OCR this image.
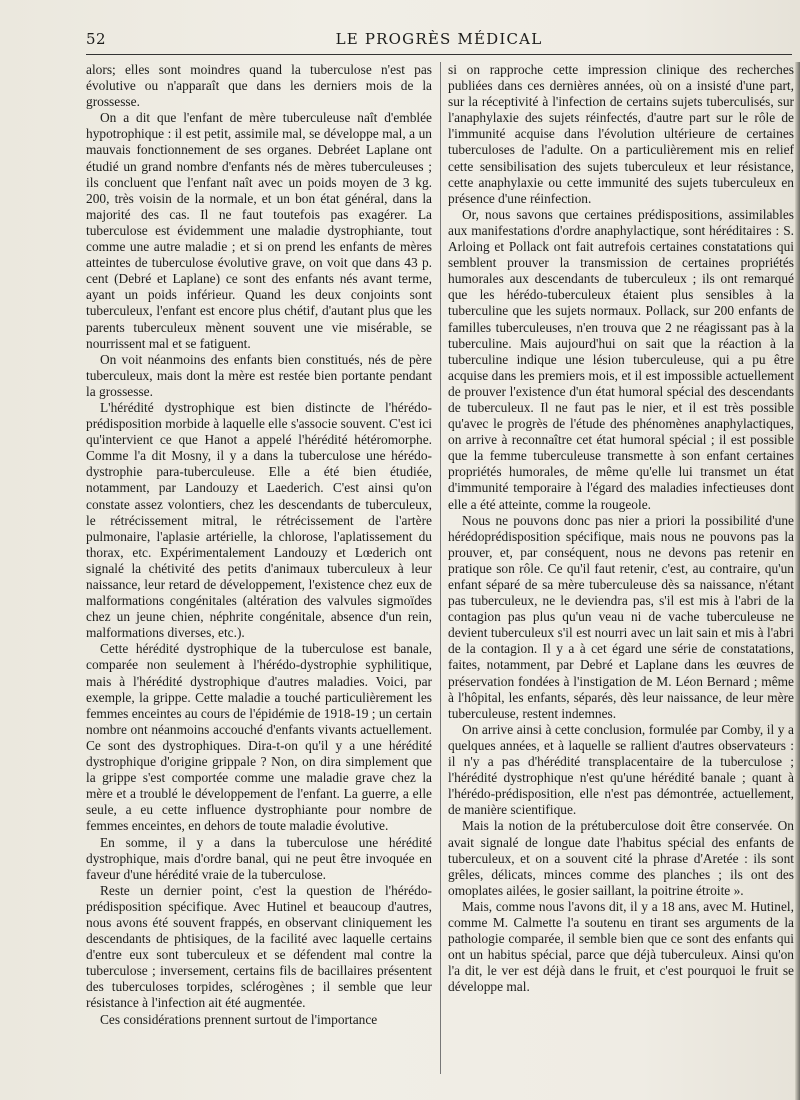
52	LE PROGRÈS MÉDICAL

alors; elles sont moindres quand la tuberculose n'est pas évolutive ou n'apparaît que dans les derniers mois de la grossesse.

On a dit que l'enfant de mère tuberculeuse naît d'emblée hypotrophique : il est petit, assimile mal, se développe mal, a un mauvais fonctionnement de ses organes. Debréet Laplane ont étudié un grand nombre d'enfants nés de mères tuberculeuses ; ils concluent que l'enfant naît avec un poids moyen de 3 kg. 200, très voisin de la normale, et un bon état général, dans la majorité des cas. Il ne faut toutefois pas exagérer. La tuberculose est évidemment une maladie dystrophiante, tout comme une autre maladie ; et si on prend les enfants de mères atteintes de tuberculose évolutive grave, on voit que dans 43 p. cent (Debré et Laplane) ce sont des enfants nés avant terme, ayant un poids inférieur. Quand les deux conjoints sont tuberculeux, l'enfant est encore plus chétif, d'autant plus que les parents tuberculeux mènent souvent une vie misérable, se nourrissent mal et se fatiguent.

On voit néanmoins des enfants bien constitués, nés de père tuberculeux, mais dont la mère est restée bien portante pendant la grossesse.

L'hérédité dystrophique est bien distincte de l'hérédo-prédisposition morbide à laquelle elle s'associe souvent. C'est ici qu'intervient ce que Hanot a appelé l'hérédité hétéromorphe. Comme l'a dit Mosny, il y a dans la tuberculose une hérédo-dystrophie para-tuberculeuse. Elle a été bien étudiée, notamment, par Landouzy et Laederich. C'est ainsi qu'on constate assez volontiers, chez les descendants de tuberculeux, le rétrécissement mitral, le rétrécissement de l'artère pulmonaire, l'aplasie artérielle, la chlorose, l'aplatissement du thorax, etc. Expérimentalement Landouzy et Lœderich ont signalé la chétivité des petits d'animaux tuberculeux à leur naissance, leur retard de développement, l'existence chez eux de malformations congénitales (altération des valvules sigmoïdes chez un jeune chien, néphrite congénitale, absence d'un rein, malformations diverses, etc.).

Cette hérédité dystrophique de la tuberculose est banale, comparée non seulement à l'hérédo-dystrophie syphilitique, mais à l'hérédité dystrophique d'autres maladies. Voici, par exemple, la grippe. Cette maladie a touché particulièrement les femmes enceintes au cours de l'épidémie de 1918-19 ; un certain nombre ont néanmoins accouché d'enfants vivants actuellement. Ce sont des dystrophiques. Dira-t-on qu'il y a une hérédité dystrophique d'origine grippale ? Non, on dira simplement que la grippe s'est comportée comme une maladie grave chez la mère et a troublé le développement de l'enfant. La guerre, a elle seule, a eu cette influence dystrophiante pour nombre de femmes enceintes, en dehors de toute maladie évolutive.

En somme, il y a dans la tuberculose une hérédité dystrophique, mais d'ordre banal, qui ne peut être invoquée en faveur d'une hérédité vraie de la tuberculose.

Reste un dernier point, c'est la question de l'hérédo-prédisposition spécifique. Avec Hutinel et beaucoup d'autres, nous avons été souvent frappés, en observant cliniquement les descendants de phtisiques, de la facilité avec laquelle certains d'entre eux sont tuberculeux et se défendent mal contre la tuberculose ; inversement, certains fils de bacillaires présentent des tuberculoses torpides, sclérogènes ; il semble que leur résistance à l'infection ait été augmentée.

Ces considérations prennent surtout de l'importance

si on rapproche cette impression clinique des recherches publiées dans ces dernières années, où on a insisté d'une part, sur la réceptivité à l'infection de certains sujets tuberculisés, sur l'anaphylaxie des sujets réinfectés, d'autre part sur le rôle de l'immunité acquise dans l'évolution ultérieure de certaines tuberculoses de l'adulte. On a particulièrement mis en relief cette sensibilisation des sujets tuberculeux et leur résistance, cette anaphylaxie ou cette immunité des sujets tuberculeux en présence d'une réinfection.

Or, nous savons que certaines prédispositions, assimilables aux manifestations d'ordre anaphylactique, sont héréditaires : S. Arloing et Pollack ont fait autrefois certaines constatations qui semblent prouver la transmission de certaines propriétés humorales aux descendants de tuberculeux ; ils ont remarqué que les hérédo-tuberculeux étaient plus sensibles à la tuberculine que les sujets normaux. Pollack, sur 200 enfants de familles tuberculeuses, n'en trouva que 2 ne réagissant pas à la tuberculine. Mais aujourd'hui on sait que la réaction à la tuberculine indique une lésion tuberculeuse, qui a pu être acquise dans les premiers mois, et il est impossible actuellement de prouver l'existence d'un état humoral spécial des descendants de tuberculeux. Il ne faut pas le nier, et il est très possible qu'avec le progrès de l'étude des phénomènes anaphylactiques, on arrive à reconnaître cet état humoral spécial ; il est possible que la femme tuberculeuse transmette à son enfant certaines propriétés humorales, de même qu'elle lui transmet un état d'immunité temporaire à l'égard des maladies infectieuses dont elle a été atteinte, comme la rougeole.

Nous ne pouvons donc pas nier a priori la possibilité d'une hérédoprédisposition spécifique, mais nous ne pouvons pas la prouver, et, par conséquent, nous ne devons pas retenir en pratique son rôle. Ce qu'il faut retenir, c'est, au contraire, qu'un enfant séparé de sa mère tuberculeuse dès sa naissance, n'étant pas tuberculeux, ne le deviendra pas, s'il est mis à l'abri de la contagion pas plus qu'un veau ni de vache tuberculeuse ne devient tuberculeux s'il est nourri avec un lait sain et mis à l'abri de la contagion. Il y a à cet égard une série de constatations, faites, notamment, par Debré et Laplane dans les œuvres de préservation fondées à l'instigation de M. Léon Bernard ; même à l'hôpital, les enfants, séparés, dès leur naissance, de leur mère tuberculeuse, restent indemnes.

On arrive ainsi à cette conclusion, formulée par Comby, il y a quelques années, et à laquelle se rallient d'autres observateurs : il n'y a pas d'hérédité transplacentaire de la tuberculose ; l'hérédité dystrophique n'est qu'une hérédité banale ; quant à l'hérédo-prédisposition, elle n'est pas démontrée, actuellement, de manière scientifique.

Mais la notion de la prétuberculose doit être conservée. On avait signalé de longue date l'habitus spécial des enfants de tuberculeux, et on a souvent cité la phrase d'Aretée : ils sont grêles, délicats, minces comme des planches ; ils ont des omoplates ailées, le gosier saillant, la poitrine étroite ».

Mais, comme nous l'avons dit, il y a 18 ans, avec M. Hutinel, comme M. Calmette l'a soutenu en tirant ses arguments de la pathologie comparée, il semble bien que ce sont des enfants qui ont un habitus spécial, parce que déjà tuberculeux. Ainsi qu'on l'a dit, le ver est déjà dans le fruit, et c'est pourquoi le fruit se développe mal.
